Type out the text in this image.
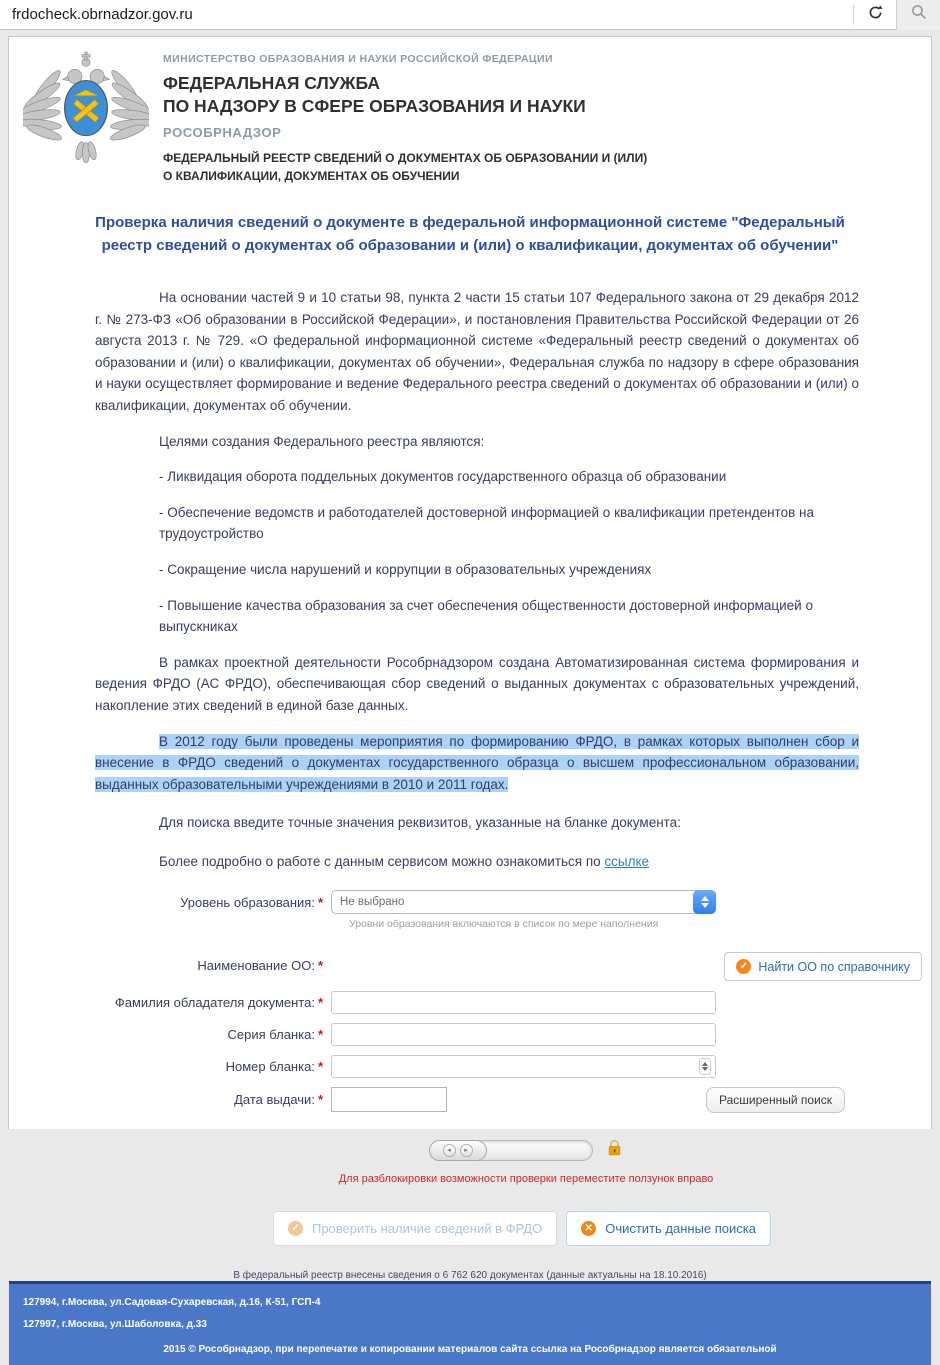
frdocheck.obrnadzor.gov.ru
МИНИСТЕРСТВО ОБРАЗОВАНИЯ И НАУКИ РОССИЙСКОЙ ФЕДЕРАЦИИ
ФЕДЕРАЛЬНАЯ СЛУЖБА
ПО НАДЗОРУ В СФЕРЕ ОБРАЗОВАНИЯ И НАУКИ
РОСОБРНАДЗОР
ФЕДЕРАЛЬНЫЙ РЕЕСТР СВЕДЕНИЙ О ДОКУМЕНТАХ ОБ ОБРАЗОВАНИИ И (ИЛИ)
О КВАЛИФИКАЦИИ, ДОКУМЕНТАХ ОБ ОБУЧЕНИИ
Проверка наличия сведений о документе в федеральной информационной системе "Федеральный реестр сведений о документах об образовании и (или) о квалификации, документах об обучении"

На основании частей 9 и 10 статьи 98, пункта 2 части 15 статьи 107 Федерального закона от 29 декабря 2012 г. № 273-ФЗ «Об образовании в Российской Федерации», и постановления Правительства Российской Федерации от 26 августа 2013 г. № 729. «О федеральной информационной системе «Федеральный реестр сведений о документах об образовании и (или) о квалификации, документах об обучении», Федеральная служба по надзору в сфере образования и науки осуществляет формирование и ведение Федерального реестра сведений о документах об образовании и (или) о квалификации, документах об обучении.

Целями создания Федерального реестра являются:

- Ликвидация оборота поддельных документов государственного образца об образовании

- Обеспечение ведомств и работодателей достоверной информацией о квалификации претендентов на трудоустройство

- Сокращение числа нарушений и коррупции в образовательных учреждениях

- Повышение качества образования за счет обеспечения общественности достоверной информацией о выпускниках

В рамках проектной деятельности Рособрнадзором создана Автоматизированная система формирования и ведения ФРДО (АС ФРДО), обеспечивающая сбор сведений о выданных документах с образовательных учреждений, накопление этих сведений в единой базе данных.

В 2012 году были проведены мероприятия по формированию ФРДО, в рамках которых выполнен сбор и внесение в ФРДО сведений о документах государственного образца о высшем профессиональном образовании, выданных образовательными учреждениями в 2010 и 2011 годах.

Для поиска введите точные значения реквизитов, указанные на бланке документа:

Более подробно о работе с данным сервисом можно ознакомиться по ссылке

Уровень образования: *	Не выбрано
Уровни образования включаются в список по мере наполнения
Наименование ОО: *	✓ Найти ОО по справочнику
Фамилия обладателя документа: *
Серия бланка: *
Номер бланка: *
Дата выдачи: *	Расширенный поиск
◂	▸
Для разблокировки возможности проверки переместите ползунок вправо
✓ Проверить наличие сведений в ФРДО	✕ Очистить данные поиска
В федеральный реестр внесены сведения о 6 762 620 документах (данные актуальны на 18.10.2016)
127994, г.Москва, ул.Садовая-Сухаревская, д.16, К-51, ГСП-4
127997, г.Москва, ул.Шаболовка, д.33
2015 © Рособрнадзор, при перепечатке и копировании материалов сайта ссылка на Рособрнадзор является обязательной
